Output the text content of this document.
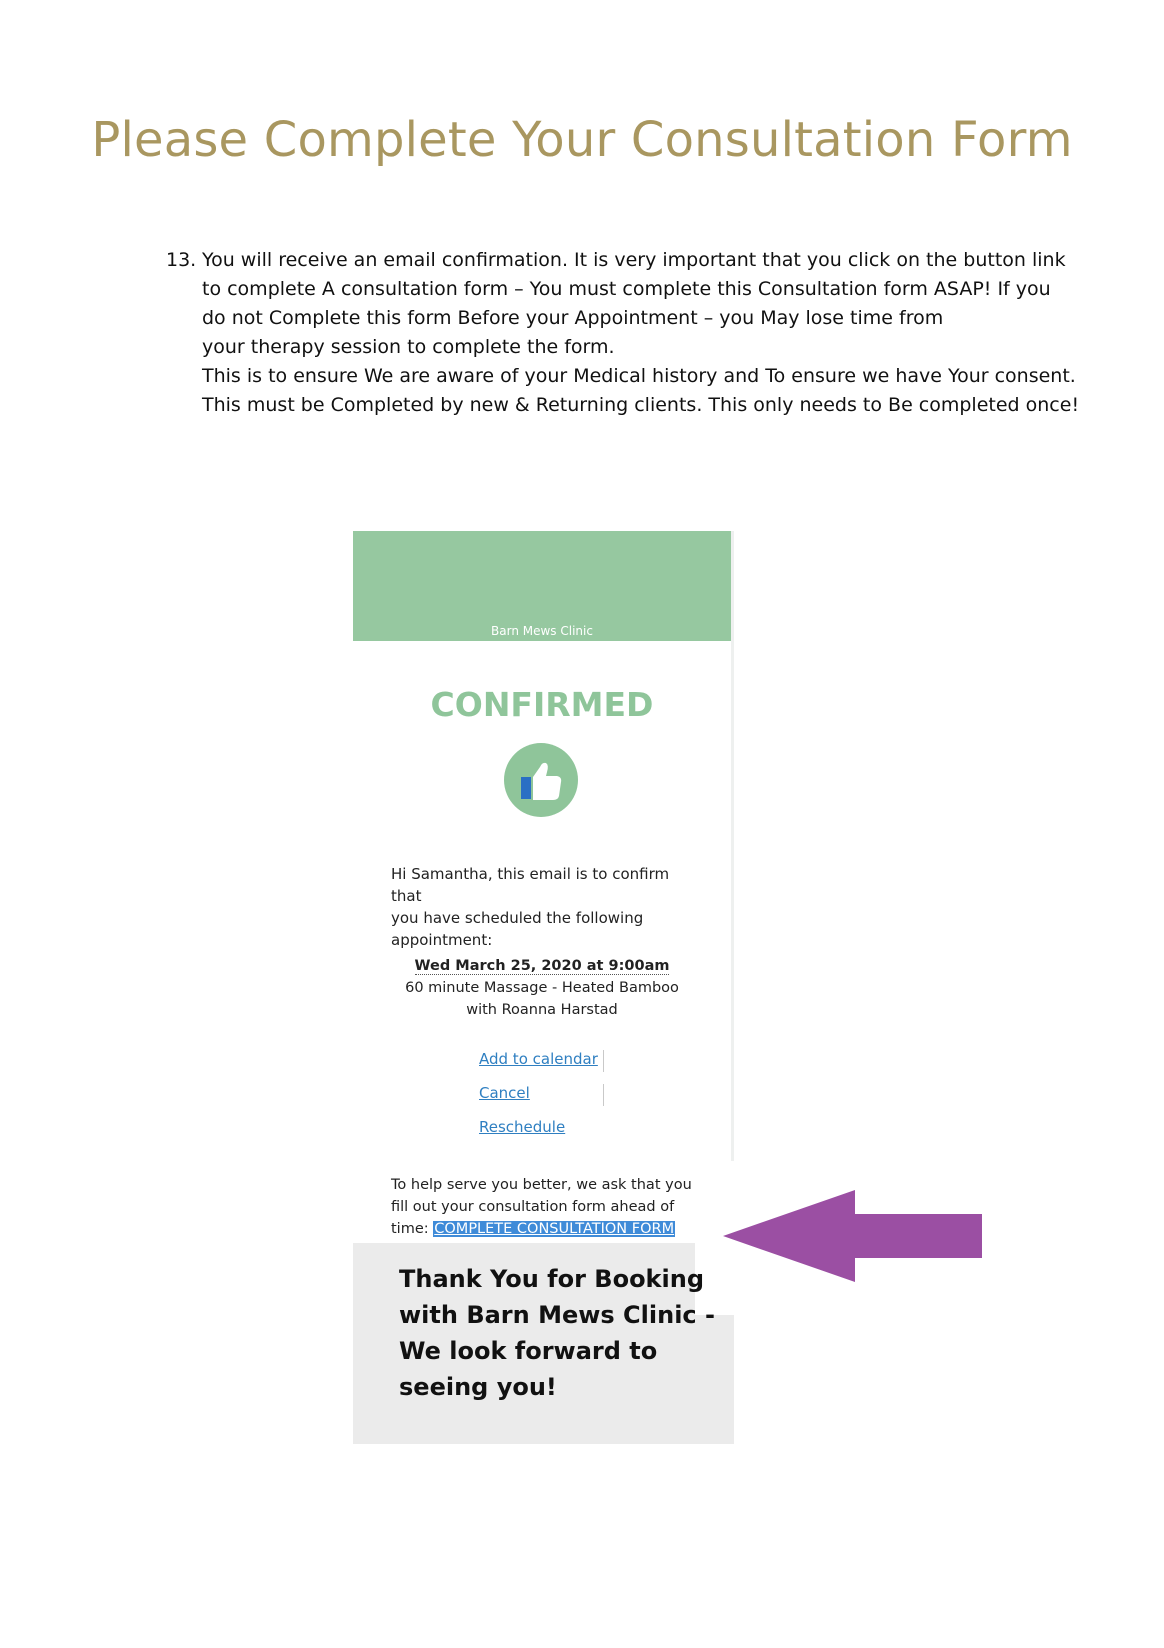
Please Complete Your Consultation Form
13. You will receive an email confirmation. It is very important that you click on the button link
to complete A consultation form – You must complete this Consultation form ASAP! If you
do not Complete this form Before your Appointment – you May lose time from
your therapy session to complete the form.
This is to ensure We are aware of your Medical history and To ensure we have Your consent.
This must be Completed by new & Returning clients. This only needs to Be completed once!
Barn Mews Clinic
CONFIRMED
Hi Samantha, this email is to confirm that
you have scheduled the following
appointment:
Wed March 25, 2020 at 9:00am
60 minute Massage - Heated Bamboo
with Roanna Harstad
Add to calendar
Cancel
Reschedule
To help serve you better, we ask that you
fill out your consultation form ahead of
time: COMPLETE CONSULTATION FORM
Thank You for Booking
with Barn Mews Clinic -
We look forward to
seeing you!
